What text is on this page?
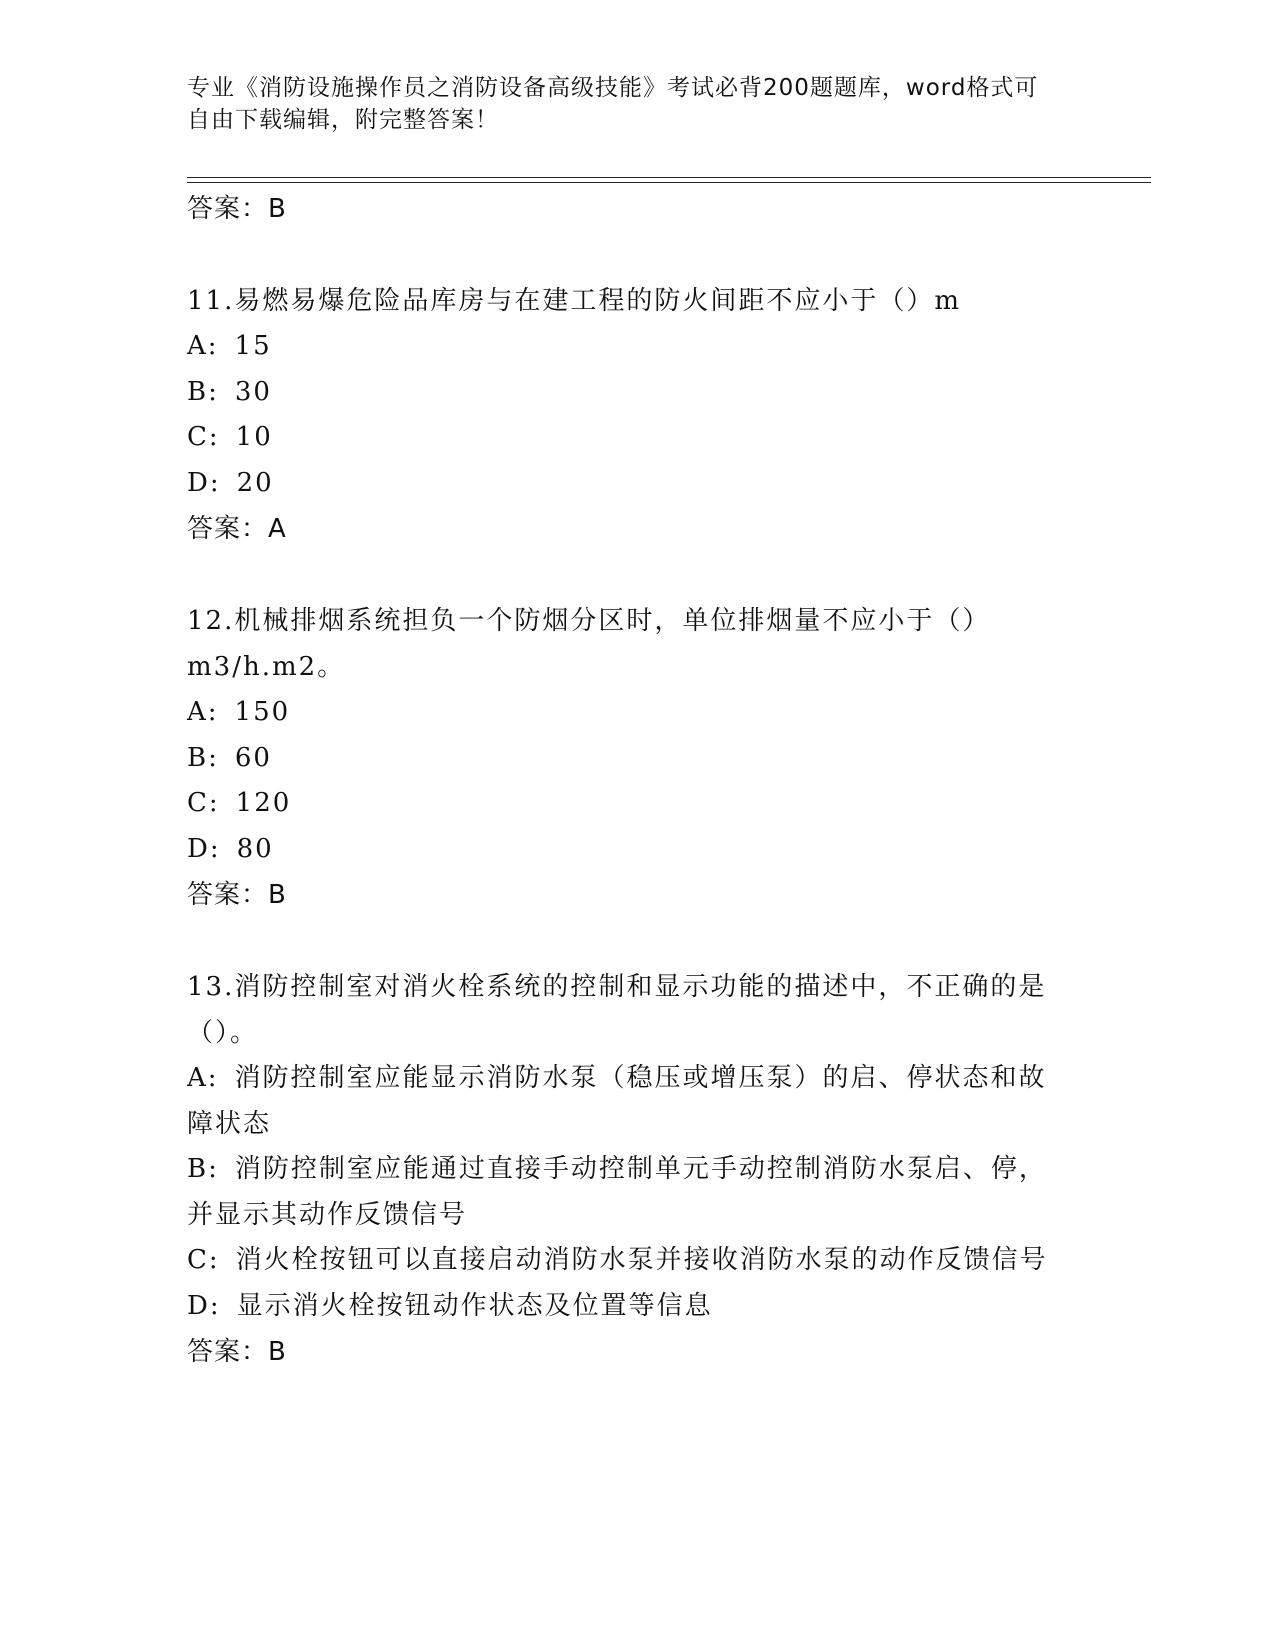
专业《消防设施操作员之消防设备高级技能》考试必背200题题库，word格式可
自由下载编辑，附完整答案！

答案：B

11.易燃易爆危险品库房与在建工程的防火间距不应小于（）m

A: 15

B: 30

C: 10

D: 20

答案：A

12.机械排烟系统担负一个防烟分区时，单位排烟量不应小于（）

m3/h.m2。

A: 150

B: 60

C: 120

D: 80

答案：B

13.消防控制室对消火栓系统的控制和显示功能的描述中，不正确的是

（）。

A: 消防控制室应能显示消防水泵（稳压或增压泵）的启、停状态和故

障状态

B: 消防控制室应能通过直接手动控制单元手动控制消防水泵启、停，

并显示其动作反馈信号

C: 消火栓按钮可以直接启动消防水泵并接收消防水泵的动作反馈信号

D: 显示消火栓按钮动作状态及位置等信息

答案：B
